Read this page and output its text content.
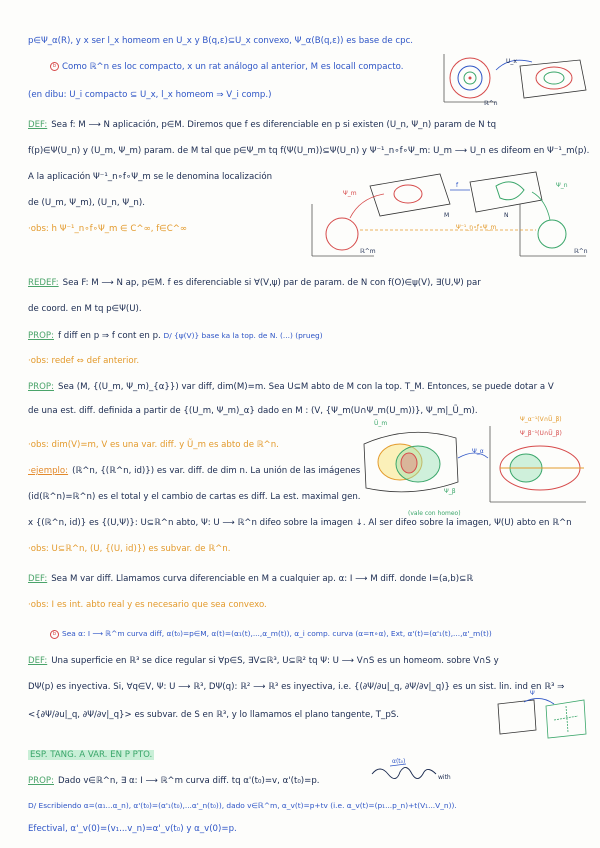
p∈Ψ_α(R), y x ser l_x homeom en U_x y B(q,ε)⊆U_x convexo, Ψ_α(B(q,ε)) es base de cpc.
b Como ℝ^n es loc compacto, x un rat análogo al anterior, M es locall compacto.
(en dibu: U_i compacto ⊆ U_x, l_x homeom ⇒ V_i comp.)
U_x
ℝ^n
DEF: Sea f: M ⟶ N aplicación, p∈M. Diremos que f es diferenciable en p si existen (U_n, Ψ_n) param de N tq
f(p)∈Ψ(U_n) y (U_m, Ψ_m) param. de M tal que p∈Ψ_m tq f(Ψ(U_m))⊆Ψ(U_n) y Ψ⁻¹_n∘f∘Ψ_m: U_m ⟶ U_n es difeom en Ψ⁻¹_m(p).
A la aplicación Ψ⁻¹_n∘f∘Ψ_m se le denomina localización
de (U_m, Ψ_m), (U_n, Ψ_n).
·obs: h Ψ⁻¹_n∘f∘Ψ_m ∈ C^∞, f∈C^∞
Ψ_m
f	Ψ_n
M	N
ℝ^m	ℝ^n
Ψ⁻¹_n∘f∘Ψ_m
REDEF: Sea F: M ⟶ N ap, p∈M. f es diferenciable si ∀(V,ψ) par de param. de N con f(O)∈ψ(V), ∃(U,Ψ) par
de coord. en M tq p∈Ψ(U).
PROP: f diff en p ⇒ f cont en p. D/ {ψ(V)} base ka la top. de N. (...) (prueg)
·obs: redef ⇔ def anterior.
PROP: Sea (M, {(U_m, Ψ_m)_{α}}) var diff, dim(M)=m. Sea U⊆M abto de M con la top. T_M. Entonces, se puede dotar a V
de una est. diff. definida a partir de {(U_m, Ψ_m)_α} dado en M : (V, {Ψ_m(U∩Ψ_m(U_m))}, Ψ_m|_Ũ_m).
Ũ_m
Ψ_α⁻¹(V∩Ũ_β)
Ψ_β⁻¹(U∩Ũ_β)
Ψ_α
Ψ_β
·obs: dim(V)=m, V es una var. diff. y Ũ_m es abto de ℝ^n.
·ejemplo: (ℝ^n, {(ℝ^n, id)}) es var. diff. de dim n. La unión de las imágenes
(id(ℝ^n)=ℝ^n) es el total y el cambio de cartas es diff. La est. maximal gen.
(vale con homeo)
x {(ℝ^n, id)} es {(U,Ψ)}: U⊆ℝ^n abto, Ψ: U ⟶ ℝ^n difeo sobre la imagen ↓. Al ser difeo sobre la imagen, Ψ(U) abto en ℝ^n
·obs: U⊆ℝ^n, (U, {(U, id)}) es subvar. de ℝ^n.
DEF: Sea M var diff. Llamamos curva diferenciable en M a cualquier ap. α: I ⟶ M diff. donde I=(a,b)⊆ℝ
·obs: I es int. abto real y es necesario que sea convexo.
b Sea α: I ⟶ ℝ^m curva diff, α(t₀)=p∈M, α(t)=(α₁(t),...,α_m(t)), α_i comp. curva (α=π∘α), Ext, α'(t)=(α'₁(t),...,α'_m(t))
DEF: Una superficie en ℝ³ se dice regular si ∀p∈S, ∃V⊆ℝ³, U⊆ℝ² tq Ψ: U ⟶ V∩S es un homeom. sobre V∩S y
DΨ(p) es inyectiva. Si, ∀q∈V, Ψ: U ⟶ ℝ³, DΨ(q): ℝ² ⟶ ℝ³ es inyectiva, i.e. {(∂Ψ/∂u|_q, ∂Ψ/∂v|_q)} es un sist. lin. ind en ℝ³ ⇒
<{∂Ψ/∂u|_q, ∂Ψ/∂v|_q}> es subvar. de S en ℝ³, y lo llamamos el plano tangente, T_pS.
Ψ
ESP. TANG. A VAR. EN P PTO.
PROP: Dado v∈ℝ^n, ∃ α: I ⟶ ℝ^m curva diff. tq α'(t₀)=v, α'(t₀)=p.
α(t₀)
with
D/ Escribiendo α=(α₁...α_n), α'(t₀)=(α'₁(t₀),...α'_n(t₀)), dado v∈ℝ^m, α_v(t)=p+tv (i.e. α_v(t)=(p₁...p_n)+t(V₁...V_n)).
Efectival, α'_v(0)=(v₁...v_n)=α'_v(t₀) y α_v(0)=p.
